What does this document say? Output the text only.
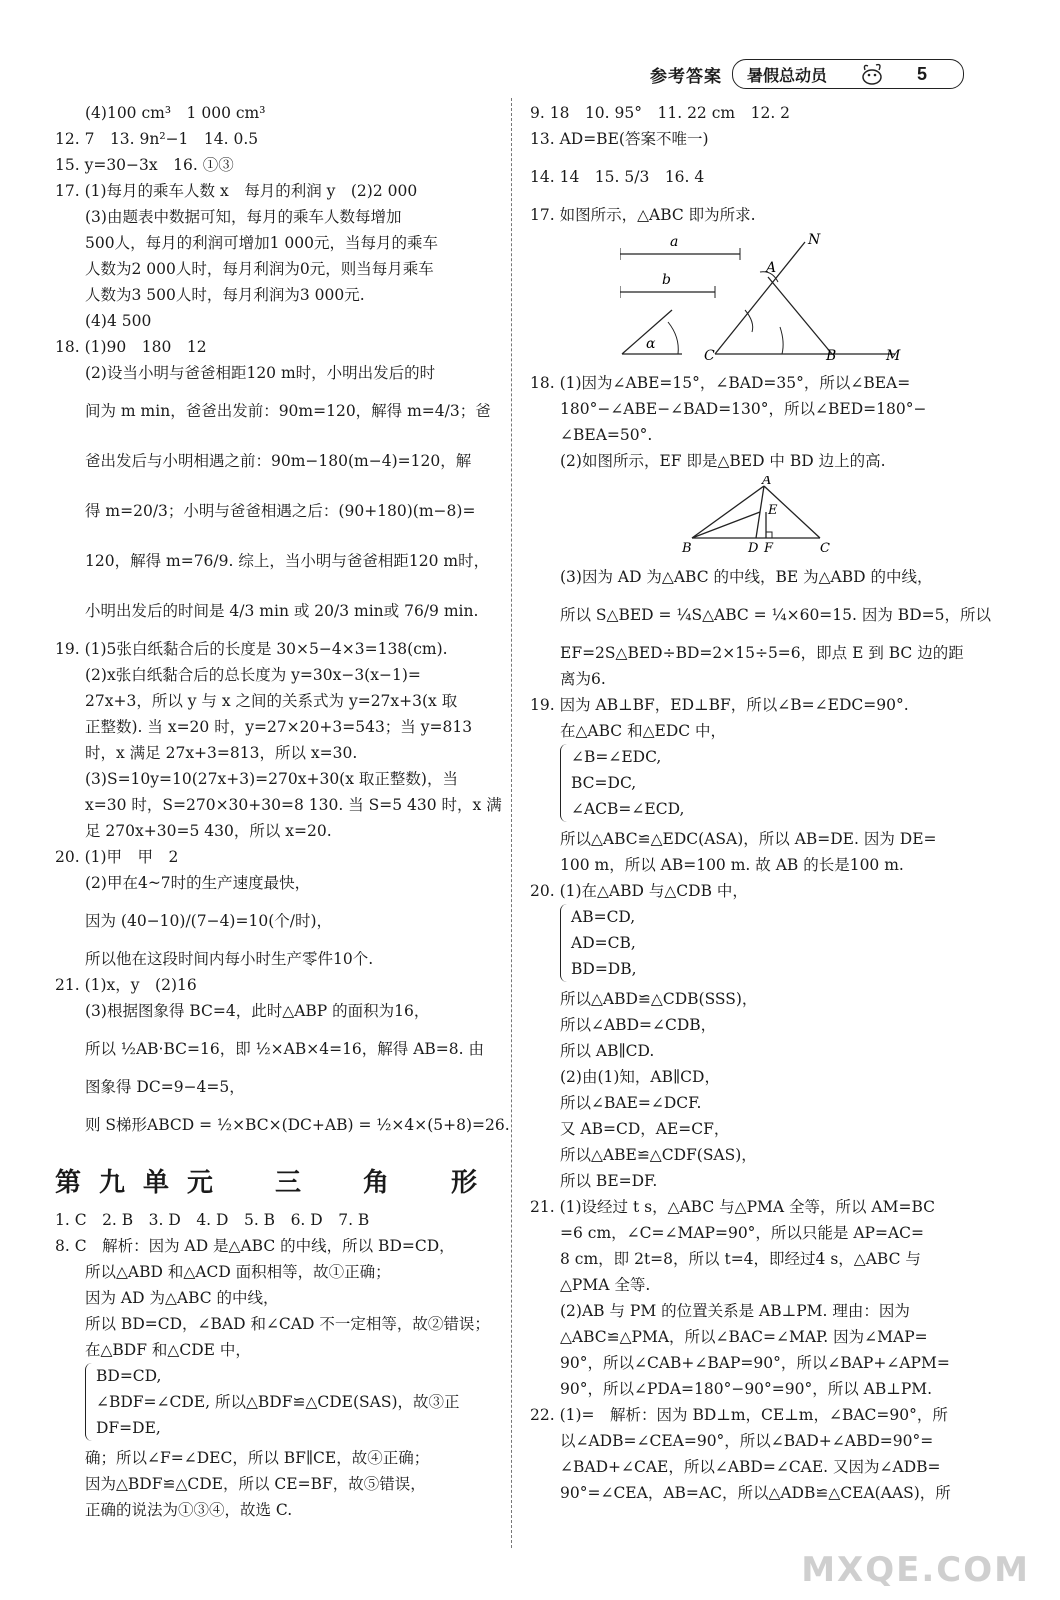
参考答案 暑假总动员	5
(4)100 cm³　1 000 cm³
12. 7　13. 9n²−1　14. 0.5
15. y=30−3x　16. ①③
17. (1)每月的乘车人数 x　每月的利润 y　(2)2 000
(3)由题表中数据可知，每月的乘车人数每增加
500人，每月的利润可增加1 000元，当每月的乘车
人数为2 000人时，每月利润为0元，则当每月乘车
人数为3 500人时，每月利润为3 000元.
(4)4 500
18. (1)90　180　12
(2)设当小明与爸爸相距120 m时，小明出发后的时
间为 m min，爸爸出发前：90m=120，解得 m=4/3；爸
爸出发后与小明相遇之前：90m−180(m−4)=120，解
得 m=20/3；小明与爸爸相遇之后：(90+180)(m−8)=
120，解得 m=76/9. 综上，当小明与爸爸相距120 m时，
小明出发后的时间是 4/3 min 或 20/3 min或 76/9 min.
19. (1)5张白纸黏合后的长度是 30×5−4×3=138(cm).
(2)x张白纸黏合后的总长度为 y=30x−3(x−1)=
27x+3，所以 y 与 x 之间的关系式为 y=27x+3(x 取
正整数). 当 x=20 时，y=27×20+3=543；当 y=813
时，x 满足 27x+3=813，所以 x=30.
(3)S=10y=10(27x+3)=270x+30(x 取正整数)，当
x=30 时，S=270×30+30=8 130. 当 S=5 430 时，x 满
足 270x+30=5 430，所以 x=20.
20. (1)甲　甲　2
(2)甲在4~7时的生产速度最快，
因为 (40−10)/(7−4)=10(个/时)，
所以他在这段时间内每小时生产零件10个.
21. (1)x，y　(2)16
(3)根据图象得 BC=4，此时△ABP 的面积为16，
所以 ½AB·BC=16，即 ½×AB×4=16，解得 AB=8. 由
图象得 DC=9−4=5，
则 S梯形ABCD = ½×BC×(DC+AB) = ½×4×(5+8)=26.
第九单元　三　角　形
1. C　2. B　3. D　4. D　5. B　6. D　7. B
8. C　解析：因为 AD 是△ABC 的中线，所以 BD=CD，
所以△ABD 和△ACD 面积相等，故①正确；
因为 AD 为△ABC 的中线，
所以 BD=CD，∠BAD 和∠CAD 不一定相等，故②错误；
在△BDF 和△CDE 中，
BD=CD,
∠BDF=∠CDE, 所以△BDF≌△CDE(SAS)，故③正
DF=DE,
确；所以∠F=∠DEC，所以 BF∥CE，故④正确；
因为△BDF≌△CDE，所以 CE=BF，故⑤错误，
正确的说法为①③④，故选 C.
9. 18　10. 95°　11. 22 cm　12. 2
13. AD=BE(答案不唯一)
14. 14　15. 5/3　16. 4
17. 如图所示，△ABC 即为所求.
a
b
α
N
A
C	B	M
18. (1)因为∠ABE=15°，∠BAD=35°，所以∠BEA=
180°−∠ABE−∠BAD=130°，所以∠BED=180°−
∠BEA=50°.
(2)如图所示，EF 即是△BED 中 BD 边上的高.
A
E
B	D F	C
(3)因为 AD 为△ABC 的中线，BE 为△ABD 的中线，
所以 S△BED = ¼S△ABC = ¼×60=15. 因为 BD=5，所以
EF=2S△BED÷BD=2×15÷5=6，即点 E 到 BC 边的距
离为6.
19. 因为 AB⊥BF，ED⊥BF，所以∠B=∠EDC=90°.
在△ABC 和△EDC 中，
∠B=∠EDC,
BC=DC,
∠ACB=∠ECD,
所以△ABC≌△EDC(ASA)，所以 AB=DE. 因为 DE=
100 m，所以 AB=100 m. 故 AB 的长是100 m.
20. (1)在△ABD 与△CDB 中，
AB=CD,
AD=CB,
BD=DB,
所以△ABD≌△CDB(SSS)，
所以∠ABD=∠CDB，
所以 AB∥CD.
(2)由(1)知，AB∥CD，
所以∠BAE=∠DCF.
又 AB=CD，AE=CF，
所以△ABE≌△CDF(SAS)，
所以 BE=DF.
21. (1)设经过 t s，△ABC 与△PMA 全等，所以 AM=BC
=6 cm，∠C=∠MAP=90°，所以只能是 AP=AC=
8 cm，即 2t=8，所以 t=4，即经过4 s，△ABC 与
△PMA 全等.
(2)AB 与 PM 的位置关系是 AB⊥PM. 理由：因为
△ABC≌△PMA，所以∠BAC=∠MAP. 因为∠MAP=
90°，所以∠CAB+∠BAP=90°，所以∠BAP+∠APM=
90°，所以∠PDA=180°−90°=90°，所以 AB⊥PM.
22. (1)=　解析：因为 BD⊥m，CE⊥m，∠BAC=90°，所
以∠ADB=∠CEA=90°，所以∠BAD+∠ABD=90°=
∠BAD+∠CAE，所以∠ABD=∠CAE. 又因为∠ADB=
90°=∠CEA，AB=AC，所以△ADB≌△CEA(AAS)，所
MXQE.COM
